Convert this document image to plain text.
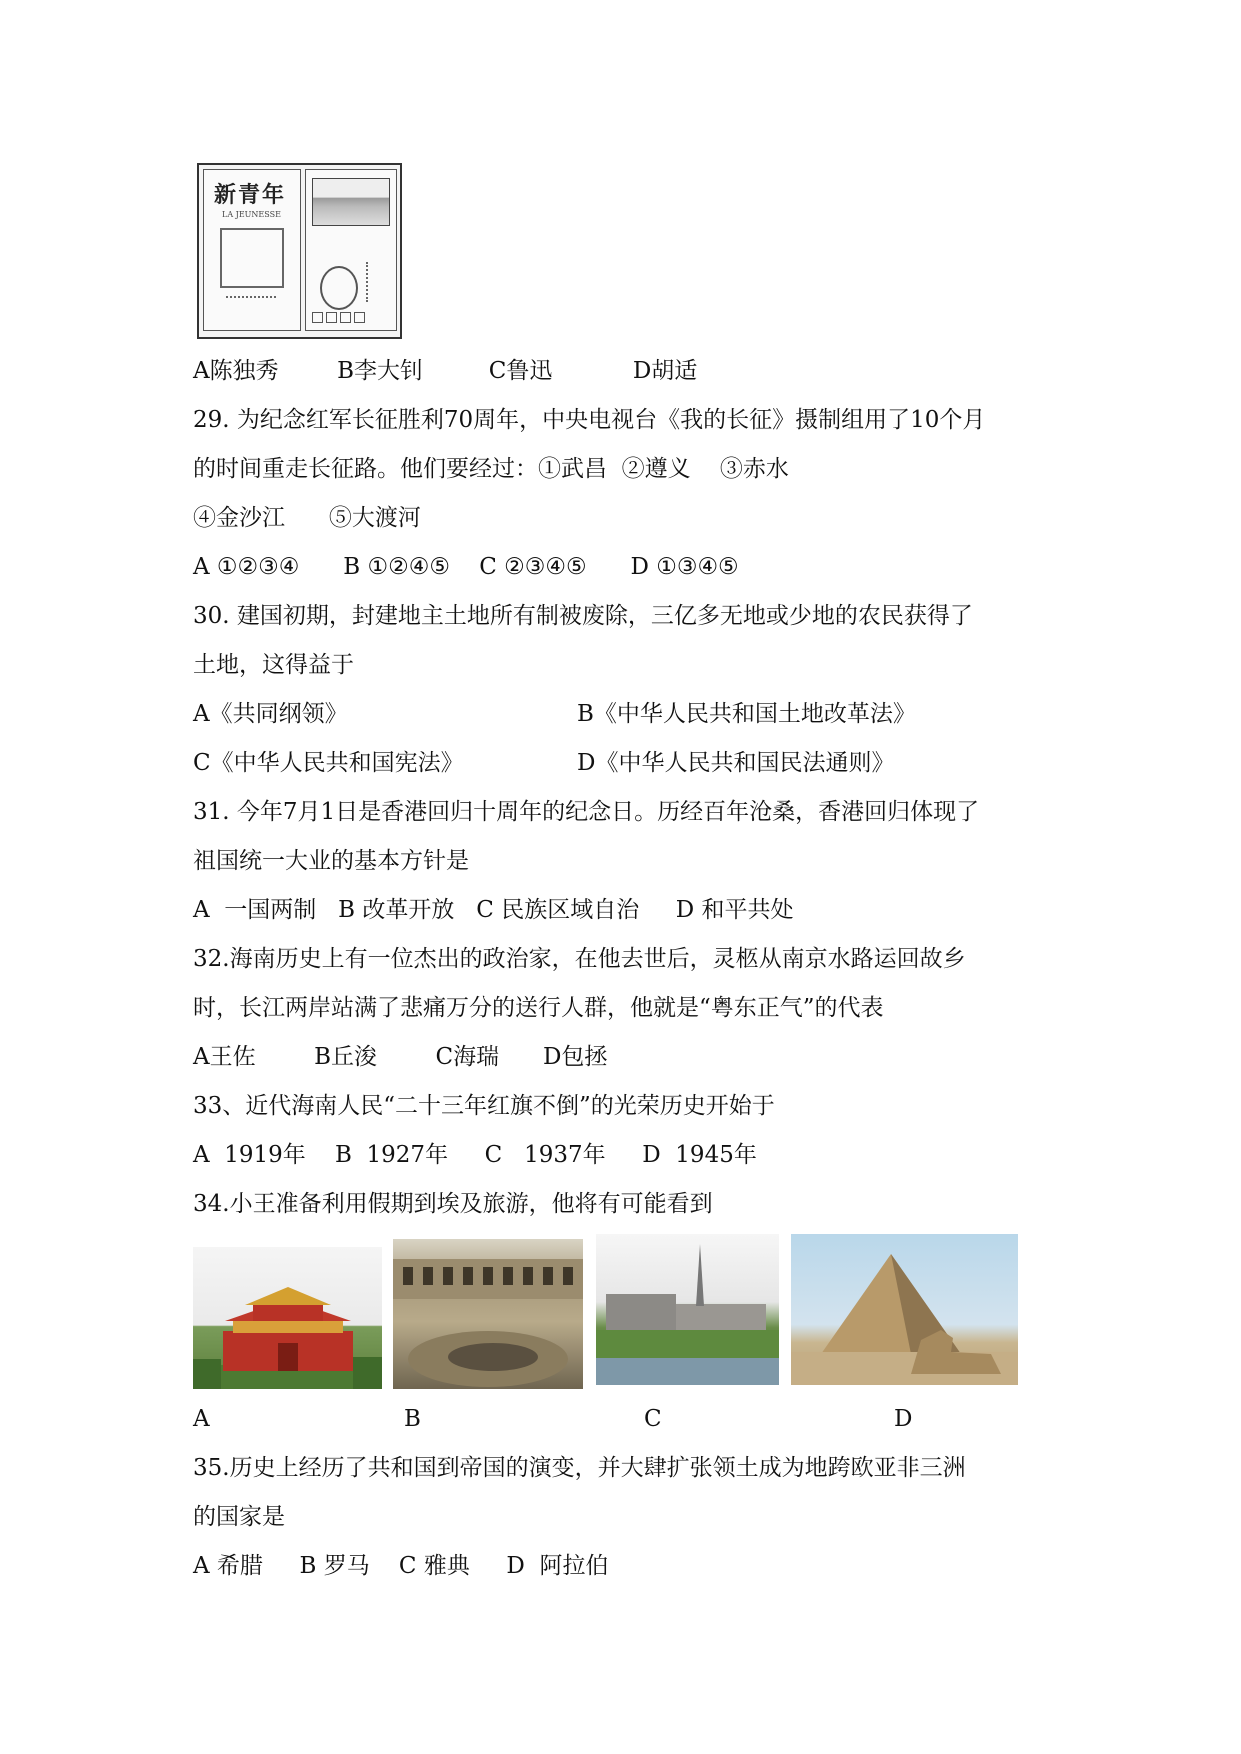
新青年
LA JEUNESSE
A陈独秀        B李大钊         C鲁迅           D胡适
29. 为纪念红军长征胜利70周年，中央电视台《我的长征》摄制组用了10个月
的时间重走长征路。他们要经过：①武昌  ②遵义    ③赤水
④金沙江      ⑤大渡河
A ①②③④      B ①②④⑤    C ②③④⑤      D ①③④⑤
30. 建国初期，封建地主土地所有制被废除，三亿多无地或少地的农民获得了
土地，这得益于
A《共同纲领》	B《中华人民共和国土地改革法》
C《中华人民共和国宪法》	D《中华人民共和国民法通则》
31. 今年7月1日是香港回归十周年的纪念日。历经百年沧桑，香港回归体现了
祖国统一大业的基本方针是
A  一国两制   B 改革开放   C 民族区域自治     D 和平共处
32.海南历史上有一位杰出的政治家，在他去世后，灵柩从南京水路运回故乡
时，长江两岸站满了悲痛万分的送行人群，他就是“粤东正气”的代表
A王佐        B丘浚        C海瑞      D包拯
33、近代海南人民“二十三年红旗不倒”的光荣历史开始于
A  1919年    B  1927年     C   1937年     D  1945年
34.小王准备利用假期到埃及旅游，他将有可能看到
A	B	C	D
35.历史上经历了共和国到帝国的演变，并大肆扩张领土成为地跨欧亚非三洲
的国家是
A 希腊     B 罗马    C 雅典     D  阿拉伯
